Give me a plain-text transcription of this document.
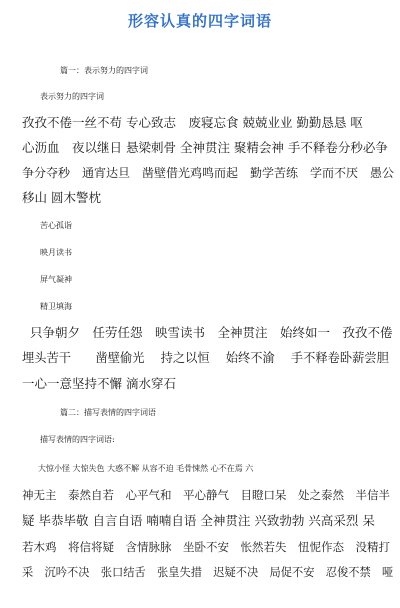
形容认真的四字词语
篇一：表示努力的四字词
表示努力的四字词
孜孜不倦一丝不苟 专心致志　废寝忘食 兢兢业业 勤勤恳恳 呕
心沥血　夜以继日 悬梁刺骨 全神贯注 聚精会神 手不释卷分秒必争
争分夺秒　通宵达旦　凿壁借光鸡鸣而起　勤学苦练　学而不厌　愚公
移山 圆木警枕
苦心孤诣
映月读书
屏气凝神
精卫填海
只争朝夕　任劳任怨　映雪读书　全神贯注　始终如一　孜孜不倦
埋头苦干　　凿壁偷光　 持之以恒　 始终不渝　 手不释卷卧薪尝胆
一心一意坚持不懈 滴水穿石
篇二：描写表情的四字词语
描写表情的四字词语:
大惊小怪 大惊失色 大惑不解 从容不迫 毛骨悚然 心不在焉 六
神无主　泰然自若　心平气和　平心静气　目瞪口呆　处之泰然　半信半
疑 毕恭毕敬 自言自语 喃喃自语 全神贯注 兴致勃勃 兴高采烈 呆
若木鸡　将信将疑　含情脉脉　坐卧不安　怅然若失　忸怩作态　没精打
采　沉吟不决　张口结舌　张皇失措　迟疑不决　局促不安　忍俊不禁　哑
